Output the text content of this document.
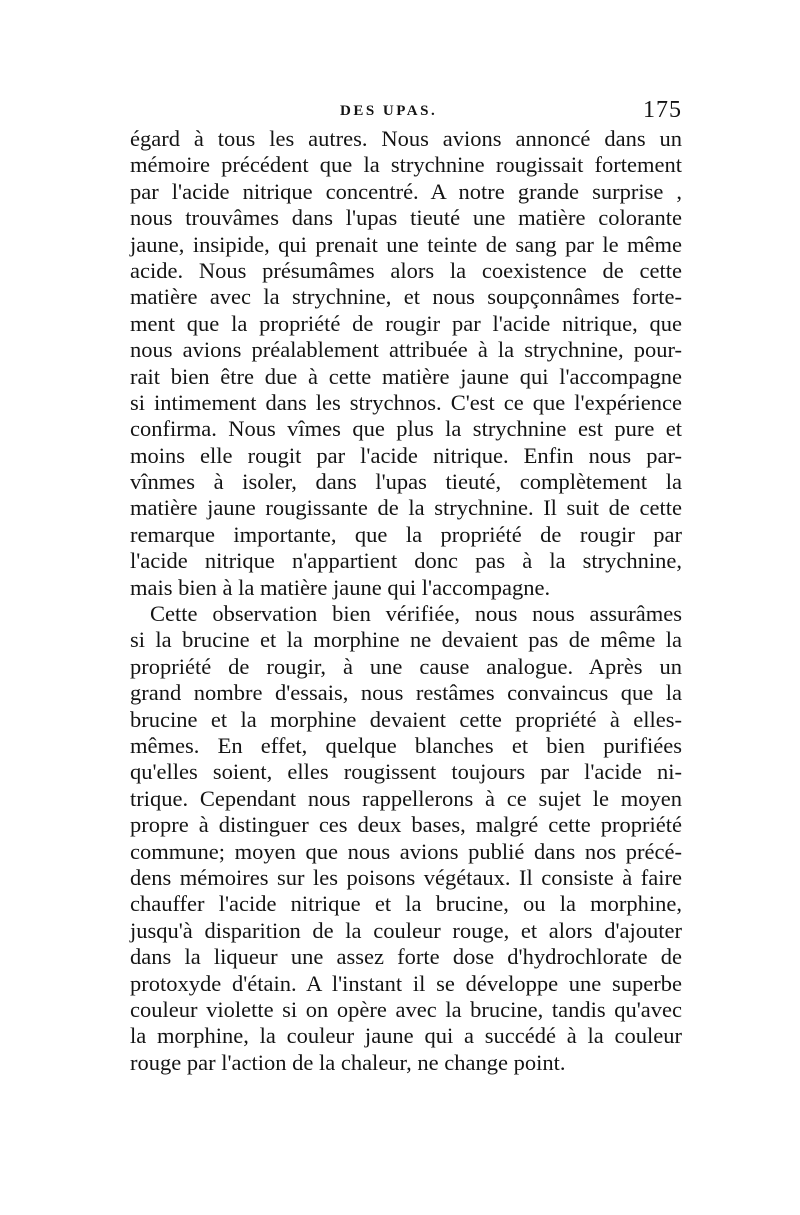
DES UPAS.	175
égard à tous les autres. Nous avions annoncé dans un
mémoire précédent que la strychnine rougissait fortement
par l'acide nitrique concentré. A notre grande surprise ,
nous trouvâmes dans l'upas tieuté une matière colorante
jaune, insipide, qui prenait une teinte de sang par le même
acide. Nous présumâmes alors la coexistence de cette
matière avec la strychnine, et nous soupçonnâmes forte-
ment que la propriété de rougir par l'acide nitrique, que
nous avions préalablement attribuée à la strychnine, pour-
rait bien être due à cette matière jaune qui l'accompagne
si intimement dans les strychnos. C'est ce que l'expérience
confirma. Nous vîmes que plus la strychnine est pure et
moins elle rougit par l'acide nitrique. Enfin nous par-
vînmes à isoler, dans l'upas tieuté, complètement la
matière jaune rougissante de la strychnine. Il suit de cette
remarque importante, que la propriété de rougir par
l'acide nitrique n'appartient donc pas à la strychnine,
mais bien à la matière jaune qui l'accompagne.
Cette observation bien vérifiée, nous nous assurâmes
si la brucine et la morphine ne devaient pas de même la
propriété de rougir, à une cause analogue. Après un
grand nombre d'essais, nous restâmes convaincus que la
brucine et la morphine devaient cette propriété à elles-
mêmes. En effet, quelque blanches et bien purifiées
qu'elles soient, elles rougissent toujours par l'acide ni-
trique. Cependant nous rappellerons à ce sujet le moyen
propre à distinguer ces deux bases, malgré cette propriété
commune; moyen que nous avions publié dans nos précé-
dens mémoires sur les poisons végétaux. Il consiste à faire
chauffer l'acide nitrique et la brucine, ou la morphine,
jusqu'à disparition de la couleur rouge, et alors d'ajouter
dans la liqueur une assez forte dose d'hydrochlorate de
protoxyde d'étain. A l'instant il se développe une superbe
couleur violette si on opère avec la brucine, tandis qu'avec
la morphine, la couleur jaune qui a succédé à la couleur
rouge par l'action de la chaleur, ne change point.
